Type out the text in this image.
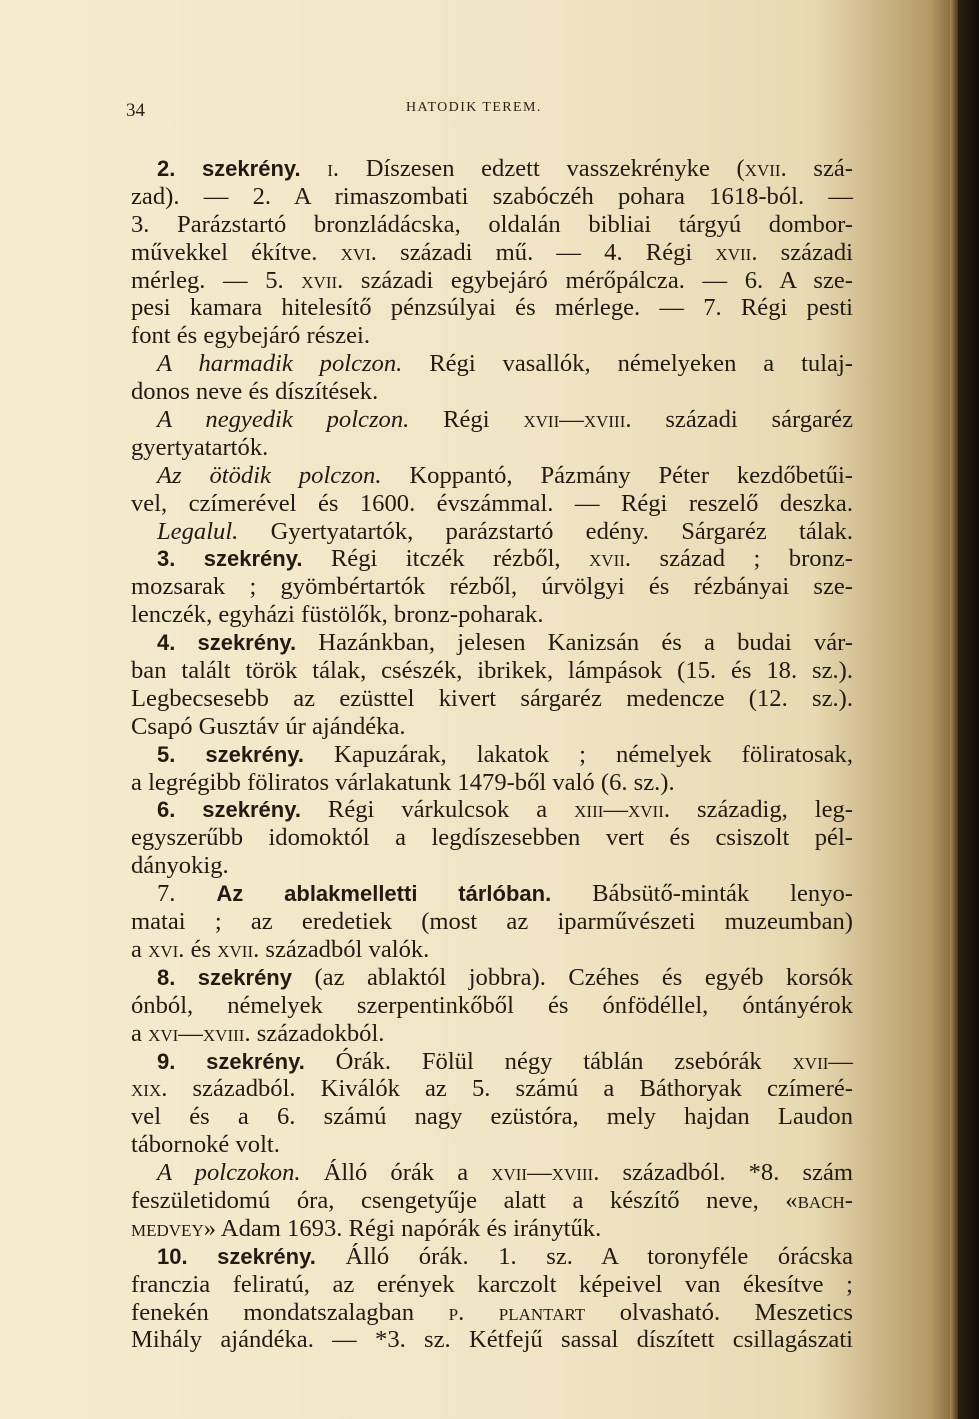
34	HATODIK TEREM.
2. szekrény. i. Díszesen edzett vasszekrényke (xvii. szá-
zad). — 2. A rimaszombati szabóczéh pohara 1618-ból. —
3. Parázstartó bronzládácska, oldalán bibliai tárgyú dombor-
művekkel ékítve. xvi. századi mű. — 4. Régi xvii. századi
mérleg. — 5. xvii. századi egybejáró mérőpálcza. — 6. A sze-
pesi kamara hitelesítő pénzsúlyai és mérlege. — 7. Régi pesti
font és egybejáró részei.
A harmadik polczon. Régi vasallók, némelyeken a tulaj-
donos neve és díszítések.
A negyedik polczon. Régi xvii—xviii. századi sárgaréz
gyertyatartók.
Az ötödik polczon. Koppantó, Pázmány Péter kezdőbetűi-
vel, czímerével és 1600. évszámmal. — Régi reszelő deszka.
Legalul. Gyertyatartók, parázstartó edény. Sárgaréz tálak.
3. szekrény. Régi itczék rézből, xvii. század ; bronz-
mozsarak ; gyömbértartók rézből, úrvölgyi és rézbányai sze-
lenczék, egyházi füstölők, bronz-poharak.
4. szekrény. Hazánkban, jelesen Kanizsán és a budai vár-
ban talált török tálak, csészék, ibrikek, lámpások (15. és 18. sz.).
Legbecsesebb az ezüsttel kivert sárgaréz medencze (12. sz.).
Csapó Gusztáv úr ajándéka.
5. szekrény. Kapuzárak, lakatok ; némelyek föliratosak,
a legrégibb föliratos várlakatunk 1479-ből való (6. sz.).
6. szekrény. Régi várkulcsok a xiii—xvii. századig, leg-
egyszerűbb idomoktól a legdíszesebben vert és csiszolt pél-
dányokig.
7. Az ablakmelletti tárlóban. Bábsütő-minták lenyo-
matai ; az eredetiek (most az iparművészeti muzeumban)
a xvi. és xvii. századból valók.
8. szekrény (az ablaktól jobbra). Czéhes és egyéb korsók
ónból, némelyek szerpentinkőből és ónfödéllel, óntányérok
a xvi—xviii. századokból.
9. szekrény. Órák. Fölül négy táblán zsebórák xvii—
xix. századból. Kiválók az 5. számú a Báthoryak czímeré-
vel és a 6. számú nagy ezüstóra, mely hajdan Laudon
tábornoké volt.
A polczokon. Álló órák a xvii—xviii. századból. *8. szám
feszületidomú óra, csengetyűje alatt a készítő neve, «bach-
medvey» Adam 1693. Régi napórák és iránytűk.
10. szekrény. Álló órák. 1. sz. A toronyféle órácska
franczia feliratú, az erények karczolt képeivel van ékesítve ;
fenekén mondatszalagban p. plantart olvasható. Meszetics
Mihály ajándéka. — *3. sz. Kétfejű sassal díszített csillagászati
